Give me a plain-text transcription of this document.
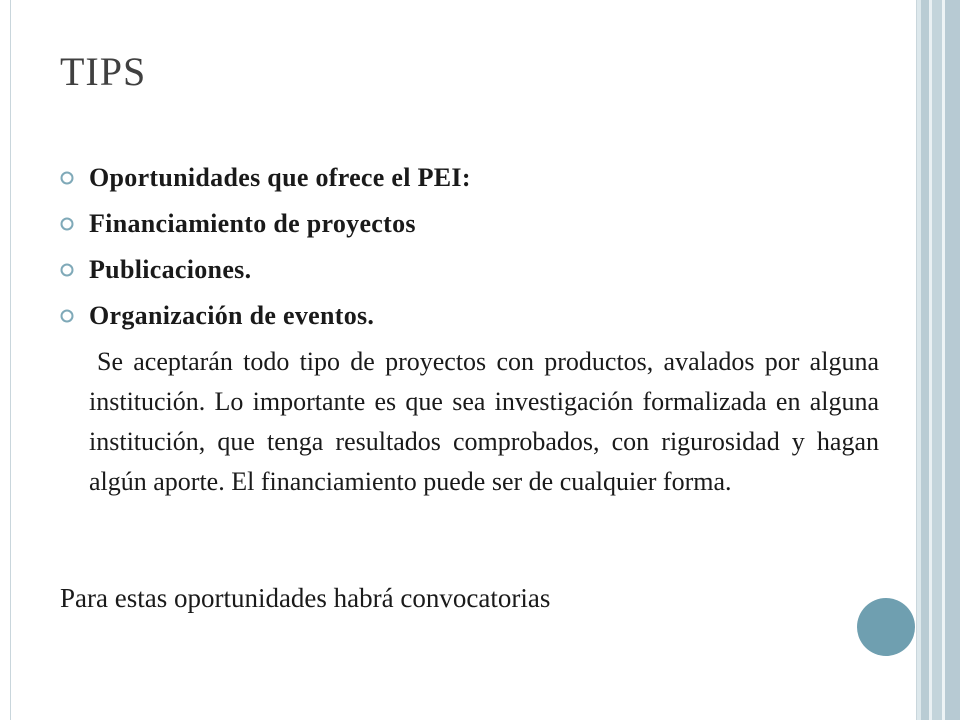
TIPS
Oportunidades que ofrece el PEI:
Financiamiento de proyectos
Publicaciones.
Organización de eventos.

Se aceptarán todo tipo de proyectos con productos, avalados por alguna institución. Lo importante es que sea investigación formalizada en alguna institución, que tenga resultados comprobados, con rigurosidad y hagan algún aporte. El financiamiento puede ser de cualquier forma.

Para estas oportunidades habrá convocatorias
